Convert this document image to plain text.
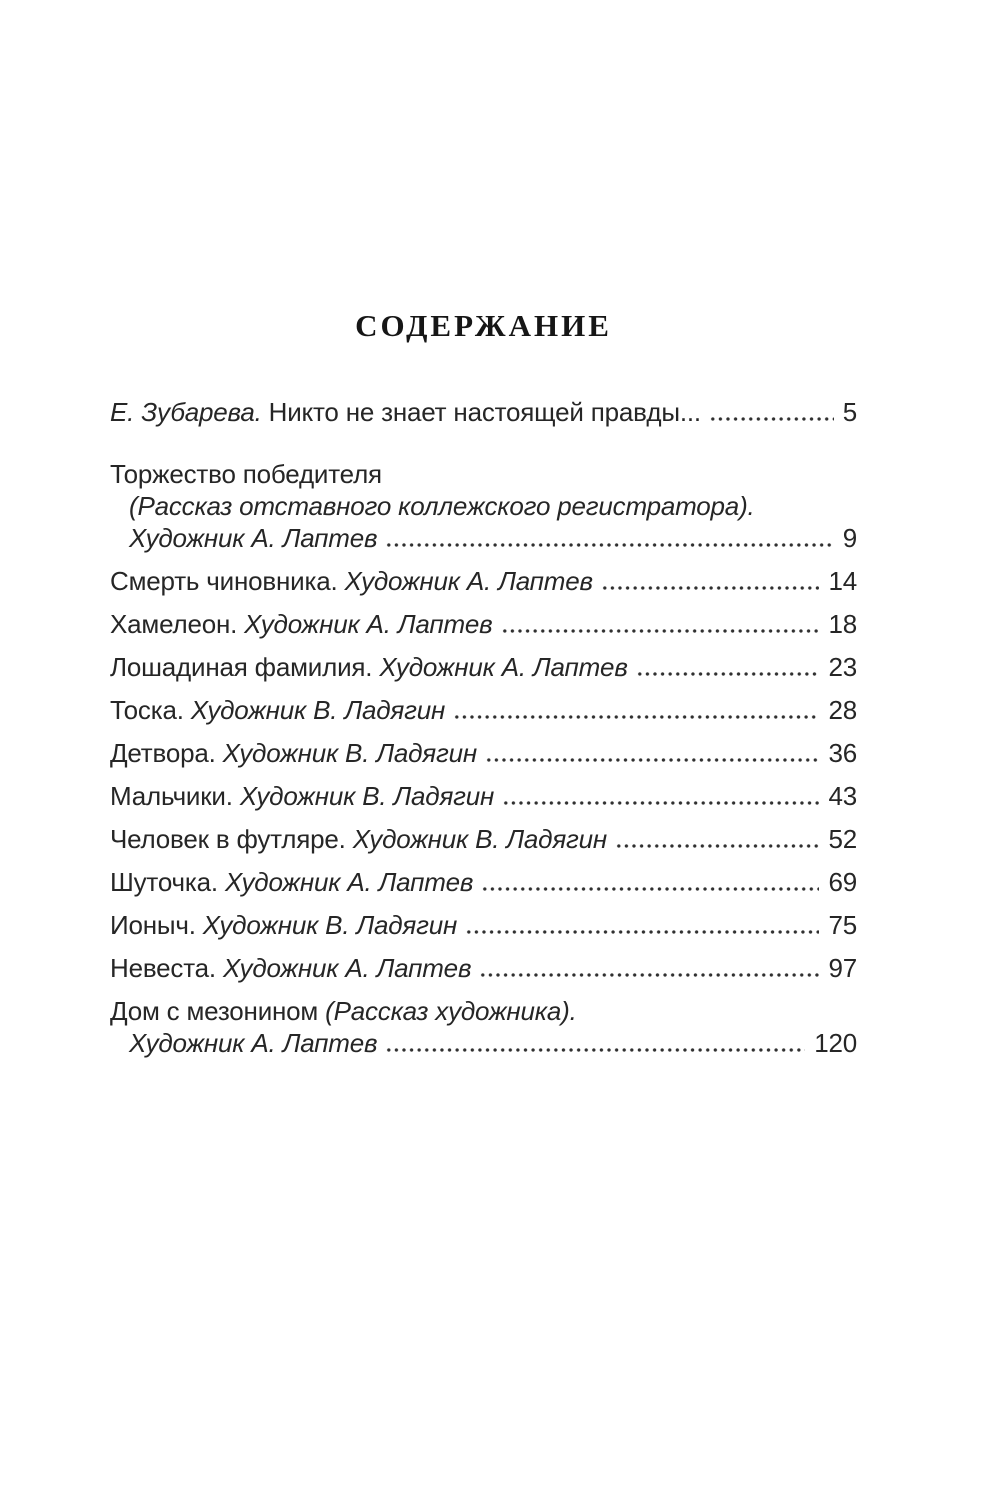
СОДЕРЖАНИЕ
Е. Зубарева. Никто не знает настоящей правды...	5
Торжество победителя
(Рассказ отставного коллежского регистратора).
Художник А. Лаптев	9
Смерть чиновника. Художник А. Лаптев	14
Хамелеон. Художник А. Лаптев	18
Лошадиная фамилия. Художник А. Лаптев	23
Тоска. Художник В. Ладягин	28
Детвора. Художник В. Ладягин	36
Мальчики. Художник В. Ладягин	43
Человек в футляре. Художник В. Ладягин	52
Шуточка. Художник А. Лаптев	69
Ионыч. Художник В. Ладягин	75
Невеста. Художник А. Лаптев	97
Дом с мезонином (Рассказ художника).
Художник А. Лаптев	120
